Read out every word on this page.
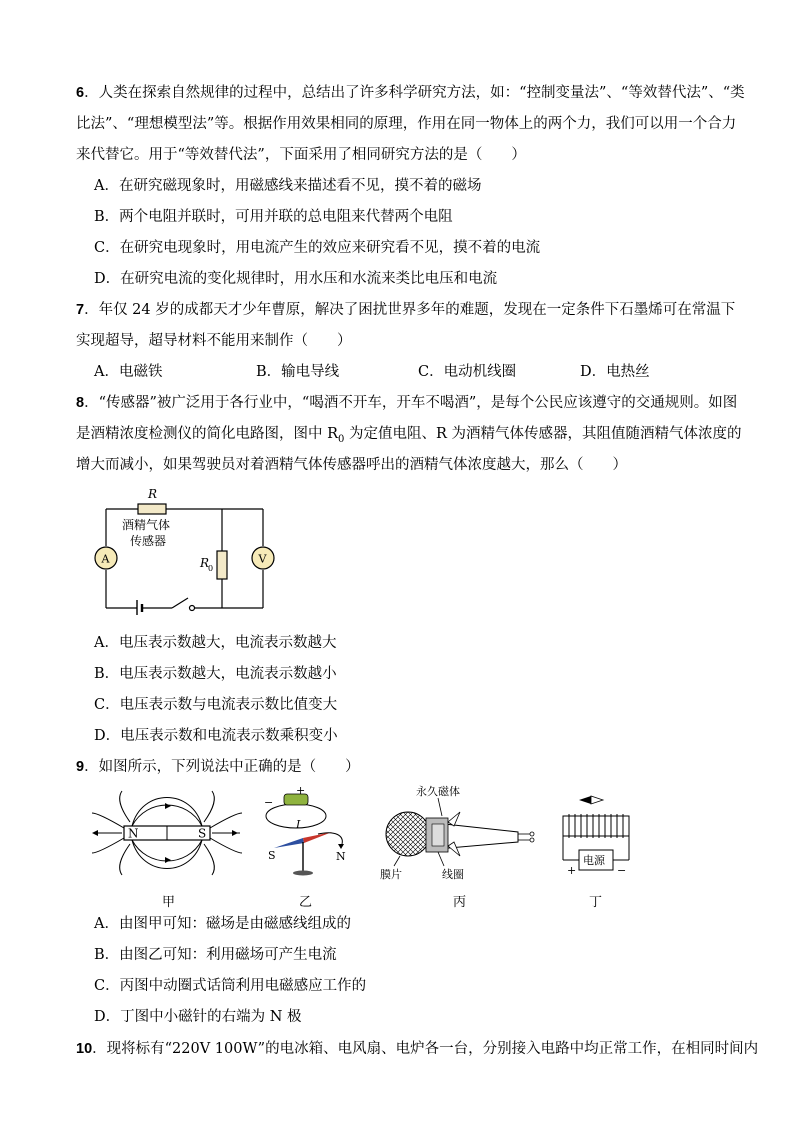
6．人类在探索自然规律的过程中，总结出了许多科学研究方法，如：“控制变量法”、“等效替代法”、“类
比法”、“理想模型法”等。根据作用效果相同的原理，作用在同一物体上的两个力，我们可以用一个合力
来代替它。用于“等效替代法”，下面采用了相同研究方法的是（　　）
A．在研究磁现象时，用磁感线来描述看不见，摸不着的磁场
B．两个电阻并联时，可用并联的总电阻来代替两个电阻
C．在研究电现象时，用电流产生的效应来研究看不见，摸不着的电流
D．在研究电流的变化规律时，用水压和水流来类比电压和电流
7．年仅 24 岁的成都天才少年曹原，解决了困扰世界多年的难题，发现在一定条件下石墨烯可在常温下
实现超导，超导材料不能用来制作（　　）
A．电磁铁	B．输电导线	C．电动机线圈	D．电热丝
8．“传感器”被广泛用于各行业中，“喝酒不开车，开车不喝酒”，是每个公民应该遵守的交通规则。如图
是酒精浓度检测仪的简化电路图，图中 $R_0$ 为定值电阻、R 为酒精气体传感器，其阻值随酒精气体浓度的
增大而减小，如果驾驶员对着酒精气体传感器呼出的酒精气体浓度越大，那么（　　）
R
酒精气体
传感器
R
0
A	V
A．电压表示数越大，电流表示数越大
B．电压表示数越大，电流表示数越小
C．电压表示数与电流表示数比值变大
D．电压表示数和电流表示数乘积变小
9．如图所示，下列说法中正确的是（　　）
N	S
+
−
I
S	N
永久磁体
膜片	线圈
电源
+	−
甲	乙	丙	丁
A．由图甲可知：磁场是由磁感线组成的
B．由图乙可知：利用磁场可产生电流
C．丙图中动圈式话筒利用电磁感应工作的
D．丁图中小磁针的右端为 N 极
10．现将标有“220V 100W”的电冰箱、电风扇、电炉各一台，分别接入电路中均正常工作，在相同时间内
